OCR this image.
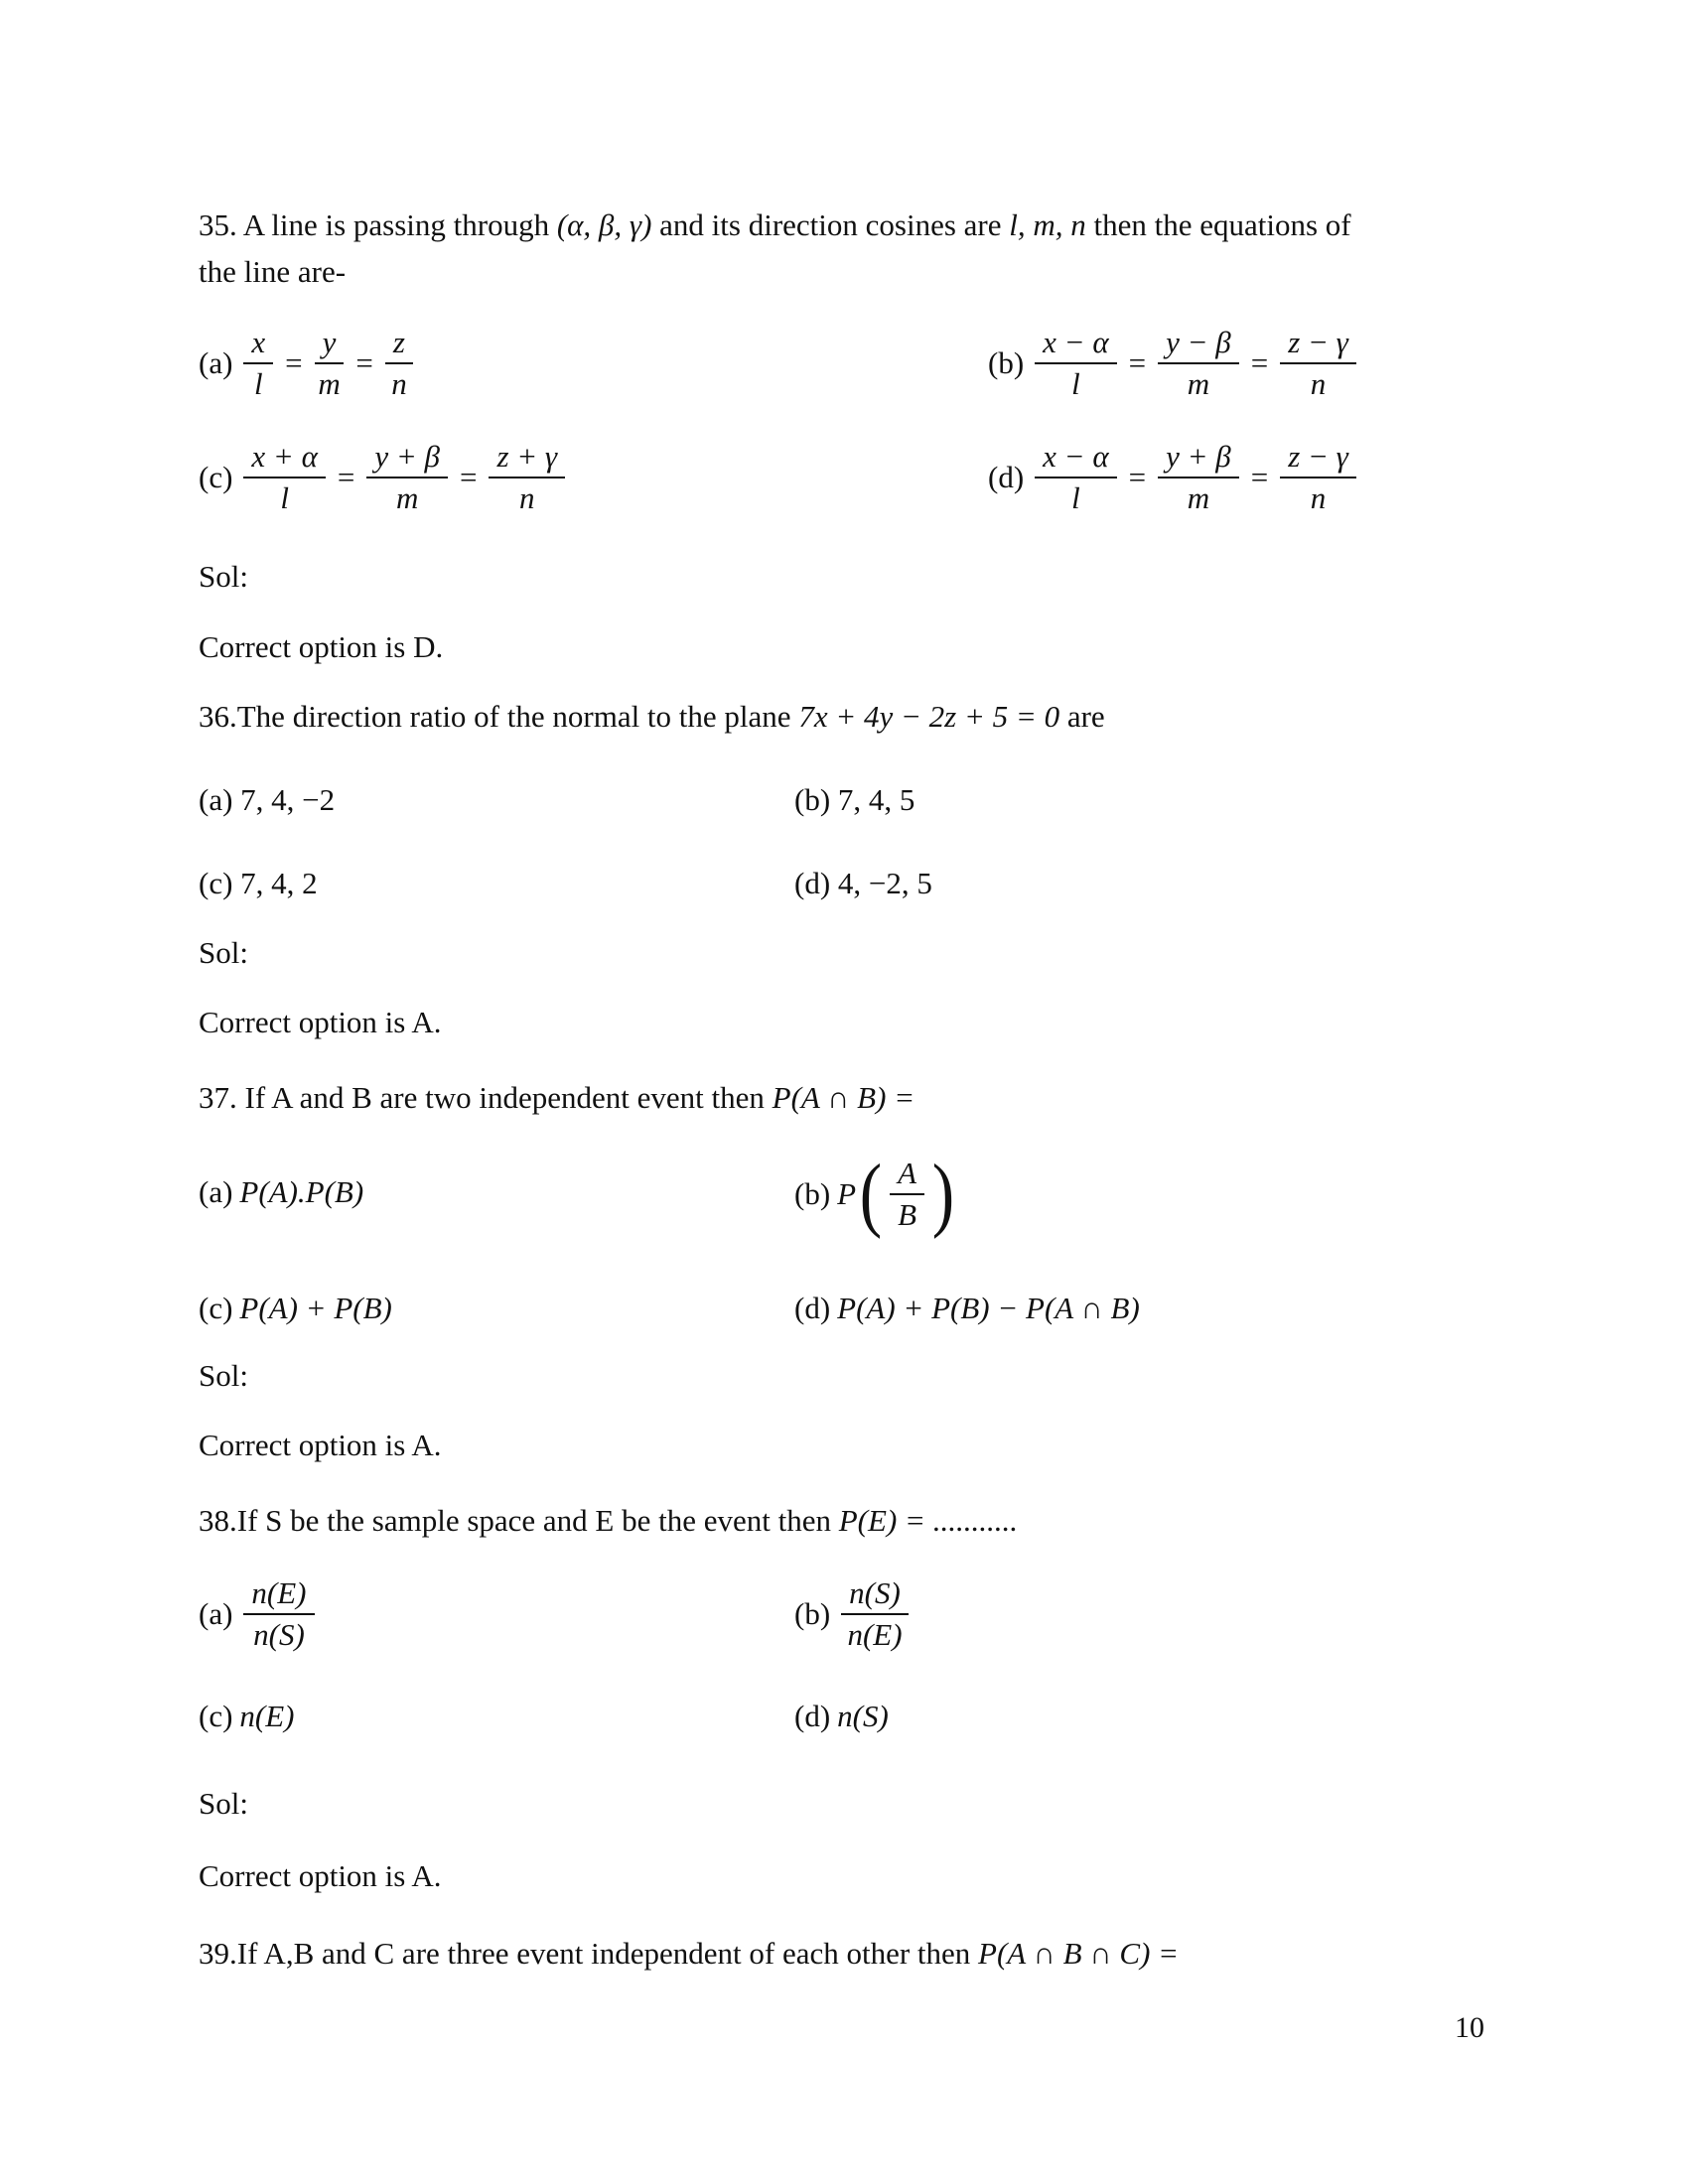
35. A line is passing through (α, β, γ) and its direction cosines are l, m, n then the equations of
the line are-
$(a) \frac{x}{l} = \frac{y}{m} = \frac{z}{n}$	$(b) \frac{x - \alpha}{l} = \frac{y - \beta}{m} = \frac{z - \gamma}{n}$
$(c) \frac{x + \alpha}{l} = \frac{y + \beta}{m} = \frac{z + \gamma}{n}$	$(d) \frac{x - \alpha}{l} = \frac{y + \beta}{m} = \frac{z - \gamma}{n}$
Sol:
Correct option is D.
36.The direction ratio of the normal to the plane 7x + 4y − 2z + 5 = 0 are
(a) 7, 4, −2	(b) 7, 4, 5
(c) 7, 4, 2	(d) 4, −2, 5
Sol:
Correct option is A.
37. If A and B are two independent event then P(A ∩ B) =
(a) P(A).P(B)	(b) P ( $\frac{A}{B}$ )
(c) P(A) + P(B)	(d) P(A) + P(B) − P(A ∩ B)
Sol:
Correct option is A.
38.If S be the sample space and E be the event then P(E) = ...........
$(a) \frac{n(E)}{n(S)}$	$(b) \frac{n(S)}{n(E)}$
(c) n(E)	(d) n(S)
Sol:
Correct option is A.
39.If A,B and C are three event independent of each other then P(A ∩ B ∩ C) =
10
